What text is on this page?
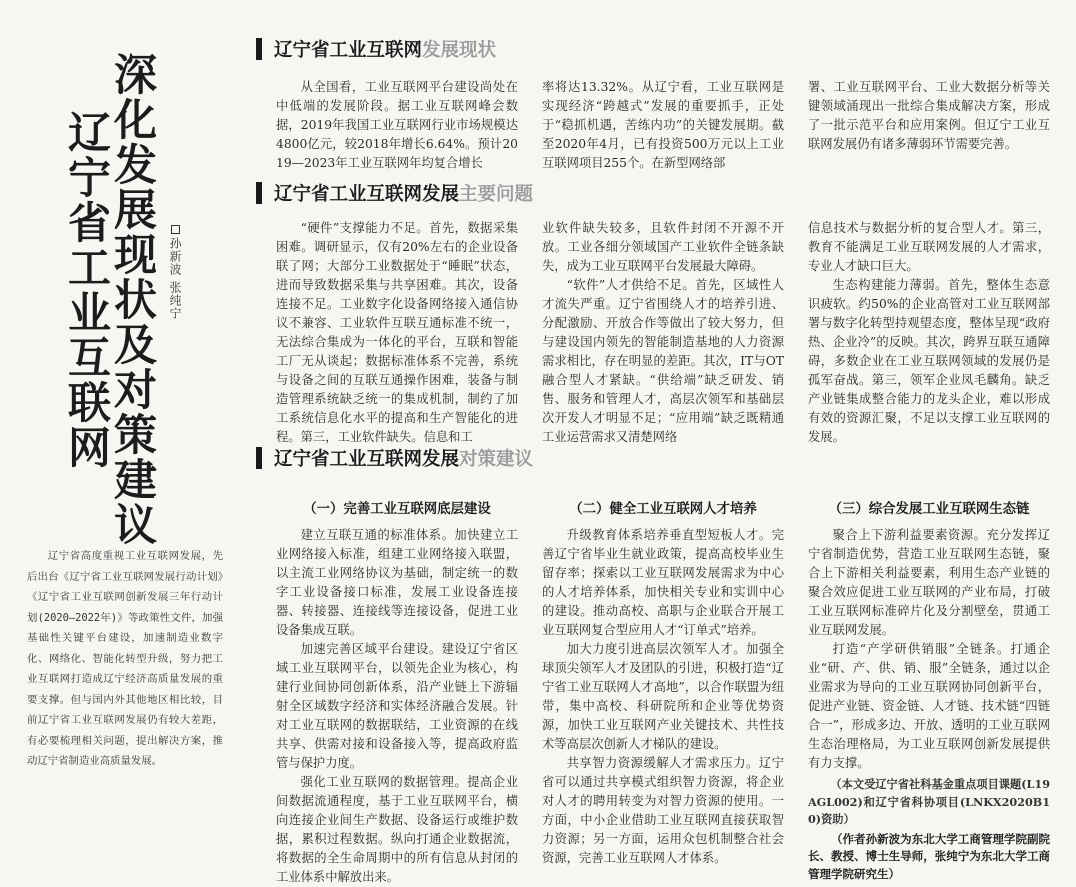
深化发展现状及对策建议
辽宁省工业互联网	孙新波 张纯宁
辽宁省高度重视工业互联网发展，先后出台《辽宁省工业互联网发展行动计划》《辽宁省工业互联网创新发展三年行动计划(2020—2022年)》等政策性文件，加强基础性关键平台建设，加速制造业数字化、网络化、智能化转型升级，努力把工业互联网打造成辽宁经济高质量发展的重要支撑。但与国内外其他地区相比较，目前辽宁省工业互联网发展仍有较大差距，有必要梳理相关问题，提出解决方案，推动辽宁省制造业高质量发展。
辽宁省工业互联网 发展现状

从全国看，工业互联网平台建设尚处在中低端的发展阶段。据工业互联网峰会数据，2019年我国工业互联网行业市场规模达4800亿元，较2018年增长6.64%。预计2019—2023年工业互联网年均复合增长

率将达13.32%。从辽宁看，工业互联网是实现经济“跨越式”发展的重要抓手，正处于“稳抓机遇，苦练内功”的关键发展期。截至2020年4月，已有投资500万元以上工业互联网项目255个。在新型网络部

署、工业互联网平台、工业大数据分析等关键领域涌现出一批综合集成解决方案，形成了一批示范平台和应用案例。但辽宁工业互联网发展仍有诸多薄弱环节需要完善。

辽宁省工业互联网发展 主要问题

“硬件”支撑能力不足。首先，数据采集困难。调研显示，仅有20%左右的企业设备联了网；大部分工业数据处于“睡眠”状态，进而导致数据采集与共享困难。其次，设备连接不足。工业数字化设备网络接入通信协议不兼容、工业软件互联互通标准不统一，无法综合集成为一体化的平台，互联和智能工厂无从谈起；数据标准体系不完善，系统与设备之间的互联互通操作困难，装备与制造管理系统缺乏统一的集成机制，制约了加工系统信息化水平的提高和生产智能化的进程。第三，工业软件缺失。信息和工

业软件缺失较多，且软件封闭不开源不开放。工业各细分领域国产工业软件全链条缺失，成为工业互联网平台发展最大障碍。

“软件”人才供给不足。首先，区域性人才流失严重。辽宁省围绕人才的培养引进、分配激励、开放合作等做出了较大努力，但与建设国内领先的智能制造基地的人力资源需求相比，存在明显的差距。其次，IT与OT融合型人才紧缺。“供给端”缺乏研发、销售、服务和管理人才，高层次领军和基础层次开发人才明显不足；“应用端”缺乏既精通工业运营需求又清楚网络

信息技术与数据分析的复合型人才。第三，教育不能满足工业互联网发展的人才需求，专业人才缺口巨大。

生态构建能力薄弱。首先，整体生态意识疲软。约50%的企业高管对工业互联网部署与数字化转型持观望态度，整体呈现“政府热、企业冷”的反映。其次，跨界互联互通障碍，多数企业在工业互联网领域的发展仍是孤军奋战。第三，领军企业凤毛麟角。缺乏产业链集成整合能力的龙头企业，难以形成有效的资源汇聚，不足以支撑工业互联网的发展。

辽宁省工业互联网发展 对策建议
（一）完善工业互联网底层建设

建立互联互通的标准体系。加快建立工业网络接入标准，组建工业网络接入联盟，以主流工业网络协议为基础，制定统一的数字工业设备接口标准，发展工业设备连接器、转接器、连接线等连接设备，促进工业设备集成互联。

加速完善区域平台建设。建设辽宁省区域工业互联网平台，以领先企业为核心，构建行业间协同创新体系，沿产业链上下游辐射全区域数字经济和实体经济融合发展。针对工业互联网的数据联结，工业资源的在线共享、供需对接和设备接入等，提高政府监管与保护力度。

强化工业互联网的数据管理。提高企业间数据流通程度，基于工业互联网平台，横向连接企业间生产数据、设备运行或维护数据，累积过程数据。纵向打通企业数据流，将数据的全生命周期中的所有信息从封闭的工业体系中解放出来。

（二）健全工业互联网人才培养

升级教育体系培养垂直型短板人才。完善辽宁省毕业生就业政策，提高高校毕业生留存率；探索以工业互联网发展需求为中心的人才培养体系，加快相关专业和实训中心的建设。推动高校、高职与企业联合开展工业互联网复合型应用人才“订单式”培养。

加大力度引进高层次领军人才。加强全球顶尖领军人才及团队的引进，积极打造“辽宁省工业互联网人才高地”，以合作联盟为纽带，集中高校、科研院所和企业等优势资源，加快工业互联网产业关键技术、共性技术等高层次创新人才梯队的建设。

共享智力资源缓解人才需求压力。辽宁省可以通过共享模式组织智力资源，将企业对人才的聘用转变为对智力资源的使用。一方面，中小企业借助工业互联网直接获取智力资源；另一方面，运用众包机制整合社会资源，完善工业互联网人才体系。

（三）综合发展工业互联网生态链

聚合上下游利益要素资源。充分发挥辽宁省制造优势，营造工业互联网生态链，聚合上下游相关利益要素，利用生态产业链的聚合效应促进工业互联网的产业布局，打破工业互联网标准碎片化及分割壁垒，贯通工业互联网发展。

打造“产学研供销服”全链条。打通企业“研、产、供、销、服”全链条，通过以企业需求为导向的工业互联网协同创新平台，促进产业链、资金链、人才链、技术链“四链合一”，形成多边、开放、透明的工业互联网生态治理格局，为工业互联网创新发展提供有力支撑。

（本文受辽宁省社科基金重点项目课题(L19AGL002)和辽宁省科协项目(LNKX2020B10)资助）

（作者孙新波为东北大学工商管理学院副院长、教授、博士生导师，张纯宁为东北大学工商管理学院研究生）
